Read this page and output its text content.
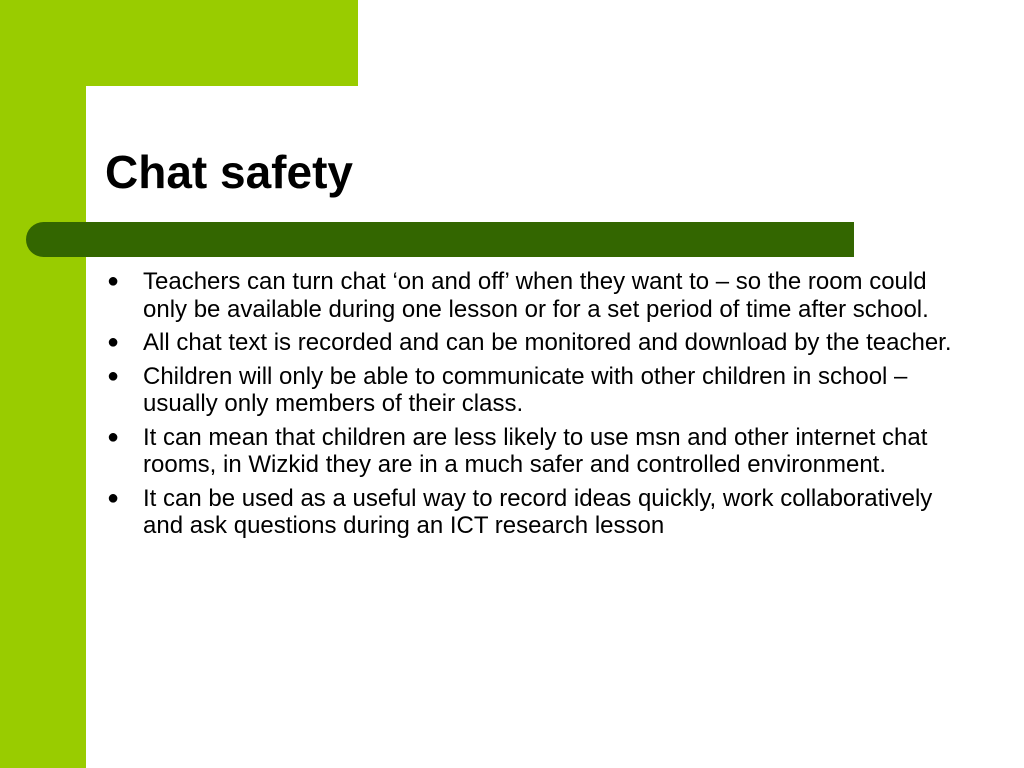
Chat safety
● Teachers can turn chat ‘on and off’ when they want to – so the room could only be available during one lesson or for a set period of time after school.
● All chat text is recorded and can be monitored and download by the teacher.
● Children will only be able to communicate with other children in school – usually only members of their class.
● It can mean that children are less likely to use msn and other internet chat rooms, in Wizkid they are in a much safer and controlled environment.
● It can be used as a useful way to record ideas quickly, work collaboratively and ask questions during an ICT research lesson
